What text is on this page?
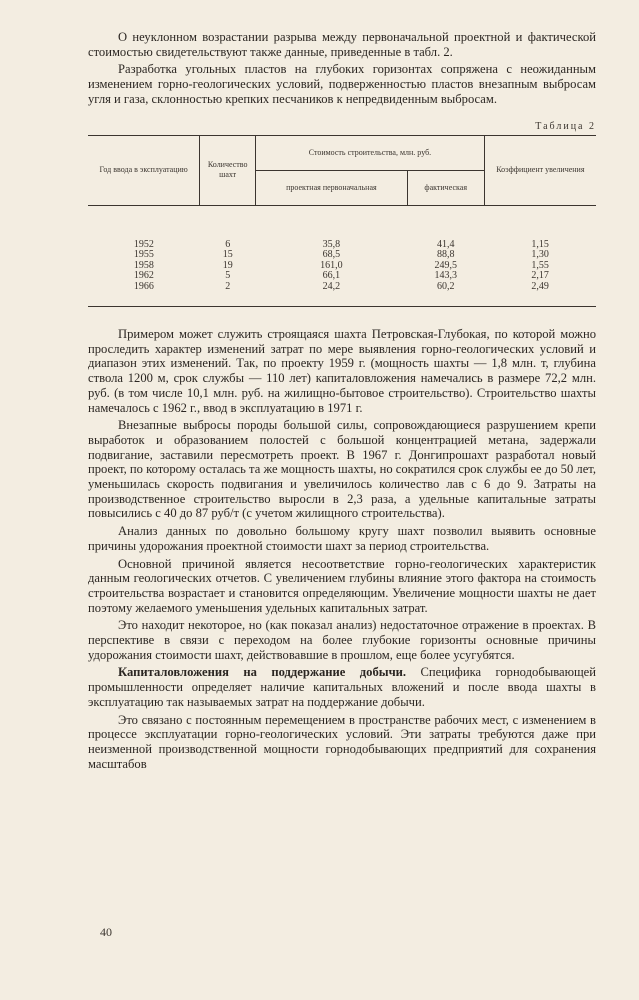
О неуклонном возрастании разрыва между первоначальной проектной и фактической стоимостью свидетельствуют также данные, приведенные в табл. 2.

Разработка угольных пластов на глубоких горизонтах сопряжена с неожиданным изменением горно-геологических условий, подверженностью пластов внезапным выбросам угля и газа, склонностью крепких песчаников к непредвиденным выбросам.

Таблица 2
Год ввода в эксплуатацию	Количество шахт	Стоимость строительства, млн. руб.		Коэффициент увеличения
		проектная первоначальная	фактическая	
1952	6	35,8	41,4	1,15
1955	15	68,5	88,8	1,30
1958	19	161,0	249,5	1,55
1962	5	66,1	143,3	2,17
1966	2	24,2	60,2	2,49

Примером может служить строящаяся шахта Петровская-Глубокая, по которой можно проследить характер изменений затрат по мере выявления горно-геологических условий и диапазон этих изменений. Так, по проекту 1959 г. (мощность шахты — 1,8 млн. т, глубина ствола 1200 м, срок службы — 110 лет) капиталовложения намечались в размере 72,2 млн. руб. (в том числе 10,1 млн. руб. на жилищно-бытовое строительство). Строительство шахты намечалось с 1962 г., ввод в эксплуатацию в 1971 г.

Внезапные выбросы породы большой силы, сопровождающиеся разрушением крепи выработок и образованием полостей с большой концентрацией метана, задержали подвигание, заставили пересмотреть проект. В 1967 г. Донгипрошахт разработал новый проект, по которому осталась та же мощность шахты, но сократился срок службы ее до 50 лет, уменьшилась скорость подвигания и увеличилось количество лав с 6 до 9. Затраты на производственное строительство выросли в 2,3 раза, а удельные капитальные затраты повысились с 40 до 87 руб/т (с учетом жилищного строительства).

Анализ данных по довольно большому кругу шахт позволил выявить основные причины удорожания проектной стоимости шахт за период строительства.

Основной причиной является несоответствие горно-геологических характеристик данным геологических отчетов. С увеличением глубины влияние этого фактора на стоимость строительства возрастает и становится определяющим. Увеличение мощности шахты не дает поэтому желаемого уменьшения удельных капитальных затрат.

Это находит некоторое, но (как показал анализ) недостаточное отражение в проектах. В перспективе в связи с переходом на более глубокие горизонты основные причины удорожания стоимости шахт, действовавшие в прошлом, еще более усугубятся.

Капиталовложения на поддержание добычи. Специфика горнодобывающей промышленности определяет наличие капитальных вложений и после ввода шахты в эксплуатацию так называемых затрат на поддержание добычи.

Это связано с постоянным перемещением в пространстве рабочих мест, с изменением в процессе эксплуатации горно-геологических условий. Эти затраты требуются даже при неизменной производственной мощности горнодобывающих предприятий для сохранения масштабов

40
